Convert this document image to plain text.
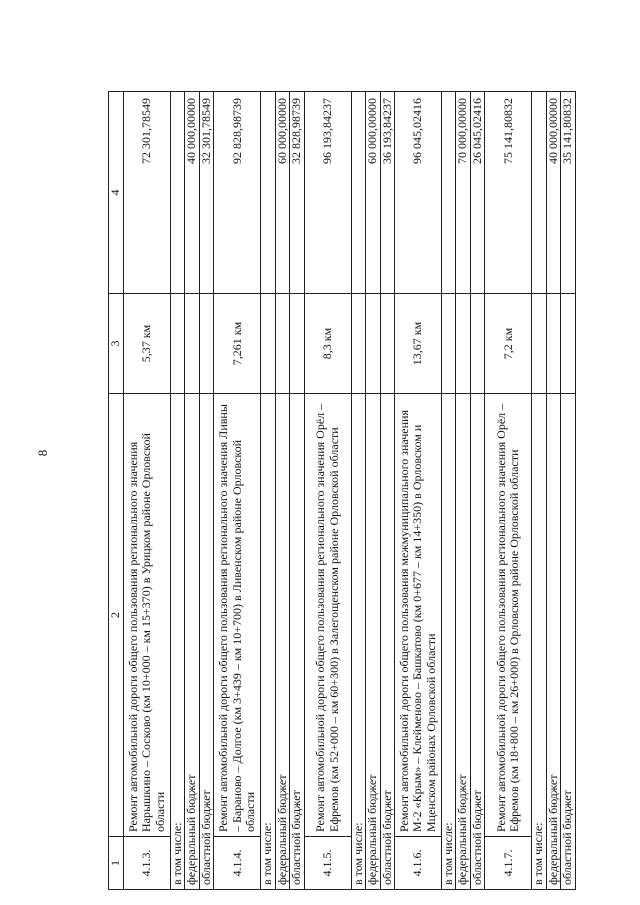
8
1	2	3	4
4.1.3.	Ремонт автомобильной дороги общего пользования регионального значения Нарышкино – Сосково (км 10+000 – км 15+370) в Урицком районе Орловской области	5,37 км	72 301,78549
в том числе:			
федеральный бюджет			40 000,00000
областной бюджет			32 301,78549
4.1.4.	Ремонт автомобильной дороги общего пользования регионального значения Ливны – Бараново – Долгое (км 3+439 – км 10+700) в Ливенском районе Орловской области	7,261 км	92 828,98739
в том числе:			
федеральный бюджет			60 000,00000
областной бюджет			32 828,98739
4.1.5.	Ремонт автомобильной дороги общего пользования регионального значения Орёл – Ефремов (км 52+000 – км 60+300) в Залегощенском районе Орловской области	8,3 км	96 193,84237
в том числе:			
федеральный бюджет			60 000,00000
областной бюджет			36 193,84237
4.1.6.	Ремонт автомобильной дороги общего пользования межмуниципального значения М-2 «Крым» – Клейменово – Башкатово (км 0+677 – км 14+350) в Орловском и Мценском районах Орловской области	13,67 км	96 045,02416
в том числе:			
федеральный бюджет			70 000,00000
областной бюджет			26 045,02416
4.1.7.	Ремонт автомобильной дороги общего пользования регионального значения Орёл – Ефремов (км 18+800 – км 26+000) в Орловском районе Орловской области	7,2 км	75 141,80832
в том числе:			
федеральный бюджет			40 000,00000
областной бюджет			35 141,80832
